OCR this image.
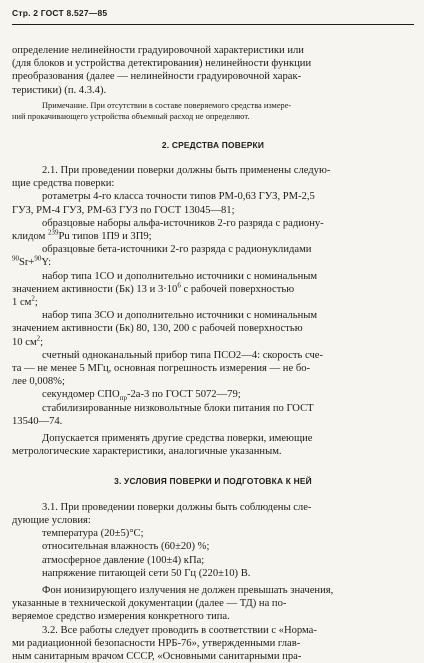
Стр. 2 ГОСТ 8.527—85

определение нелинейности градуировочной характеристики или

(для блоков и устройства детектирования) нелинейности функции

преобразования (далее — нелинейности градуировочной харак-

теристики) (п. 4.3.4).

Примечание. При отсутствии в составе поверяемого средства измере-
ний прокачивающего устройства объемный расход не определяют.
2. СРЕДСТВА ПОВЕРКИ

2.1. При проведении поверки должны быть применены следую-

щие средства поверки:

ротаметры 4-го класса точности типов РМ-0,63 ГУЗ, РМ-2,5

ГУЗ, РМ-4 ГУЗ, РМ-63 ГУЗ по ГОСТ 13045—81;

образцовые наборы альфа-источников 2-го разряда с радиону-

клидом $^{239}$Pu типов 1П9 и 3П9;

образцовые бета-источники 2-го разряда с радионуклидами

$^{90}$Sr+$^{90}$Y:

набор типа 1СО и дополнительно источники с номинальным

значением активности (Бк) 13 и $3\cdot 10^6$ с рабочей поверхностью

1 $см^2$;

набор типа 3СО и дополнительно источники с номинальным

значением активности (Бк) 80, 130, 200 с рабочей поверхностью

10 $см^2$;

счетный одноканальный прибор типа ПСО2—4: скорость сче-

та — не менее 5 МГц, основная погрешность измерения — не бо-

лее 0,008%;

секундомер $СПО_{пр}-2а-3$ по ГОСТ 5072—79;

стабилизированные низковольтные блоки питания по ГОСТ

13540—74.

Допускается применять другие средства поверки, имеющие

метрологические характеристики, аналогичные указанным.

3. УСЛОВИЯ ПОВЕРКИ И ПОДГОТОВКА К НЕЙ

3.1. При проведении поверки должны быть соблюдены сле-

дующие условия:

температура (20±5)°С;

относительная влажность (60±20) %;

атмосферное давление (100±4) кПа;

напряжение питающей сети 50 Гц (220±10) В.

Фон ионизирующего излучения не должен превышать значения,

указанные в технической документации (далее — ТД) на по-

веряемое средство измерения конкретного типа.

3.2. Все работы следует проводить в соответствии с «Норма-

ми радиационной безопасности НРБ-76», утвержденными глав-

ным санитарным врачом СССР, «Основными санитарными пра-
